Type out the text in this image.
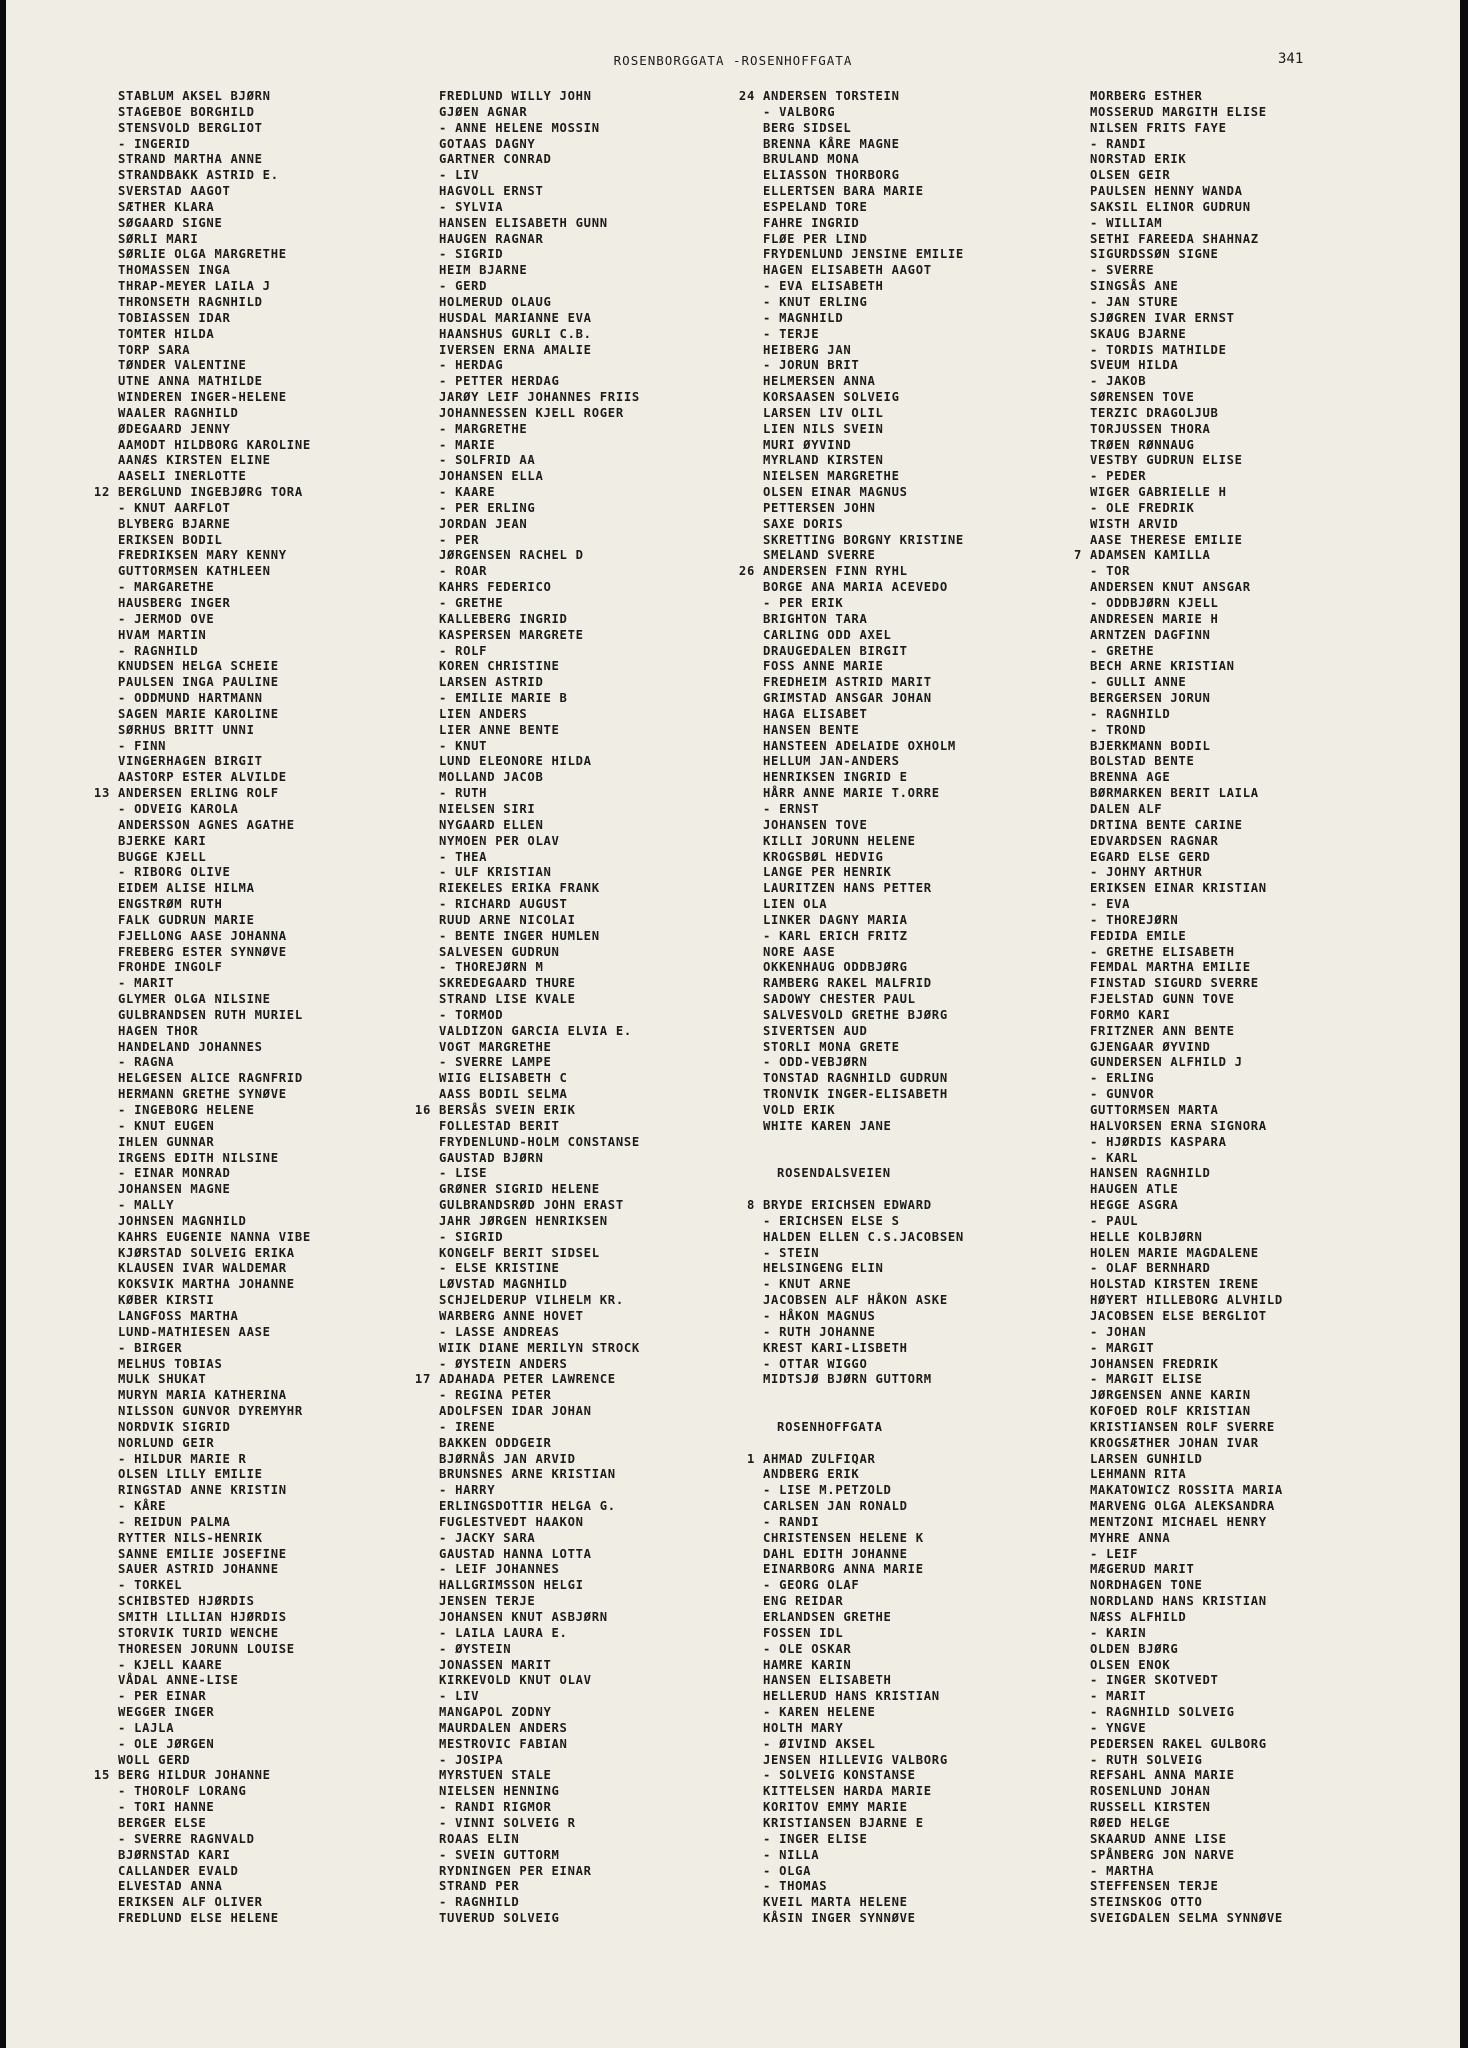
ROSENBORGGATA -ROSENHOFFGATA	341
STABLUM AKSEL BJØRN
STAGEBOE BORGHILD
STENSVOLD BERGLIOT
- INGERID
STRAND MARTHA ANNE
STRANDBAKK ASTRID E.
SVERSTAD AAGOT
SÆTHER KLARA
SØGAARD SIGNE
SØRLI MARI
SØRLIE OLGA MARGRETHE
THOMASSEN INGA
THRAP-MEYER LAILA J
THRONSETH RAGNHILD
TOBIASSEN IDAR
TOMTER HILDA
TORP SARA
TØNDER VALENTINE
UTNE ANNA MATHILDE
WINDEREN INGER-HELENE
WAALER RAGNHILD
ØDEGAARD JENNY
AAMODT HILDBORG KAROLINE
AANÆS KIRSTEN ELINE
AASELI INERLOTTE
12 BERGLUND INGEBJØRG TORA
- KNUT AARFLOT
BLYBERG BJARNE
ERIKSEN BODIL
FREDRIKSEN MARY KENNY
GUTTORMSEN KATHLEEN
- MARGARETHE
HAUSBERG INGER
- JERMOD OVE
HVAM MARTIN
- RAGNHILD
KNUDSEN HELGA SCHEIE
PAULSEN INGA PAULINE
- ODDMUND HARTMANN
SAGEN MARIE KAROLINE
SØRHUS BRITT UNNI
- FINN
VINGERHAGEN BIRGIT
AASTORP ESTER ALVILDE
13 ANDERSEN ERLING ROLF
- ODVEIG KAROLA
ANDERSSON AGNES AGATHE
BJERKE KARI
BUGGE KJELL
- RIBORG OLIVE
EIDEM ALISE HILMA
ENGSTRØM RUTH
FALK GUDRUN MARIE
FJELLONG AASE JOHANNA
FREBERG ESTER SYNNØVE
FROHDE INGOLF
- MARIT
GLYMER OLGA NILSINE
GULBRANDSEN RUTH MURIEL
HAGEN THOR
HANDELAND JOHANNES
- RAGNA
HELGESEN ALICE RAGNFRID
HERMANN GRETHE SYNØVE
- INGEBORG HELENE
- KNUT EUGEN
IHLEN GUNNAR
IRGENS EDITH NILSINE
- EINAR MONRAD
JOHANSEN MAGNE
- MALLY
JOHNSEN MAGNHILD
KAHRS EUGENIE NANNA VIBE
KJØRSTAD SOLVEIG ERIKA
KLAUSEN IVAR WALDEMAR
KOKSVIK MARTHA JOHANNE
KØBER KIRSTI
LANGFOSS MARTHA
LUND-MATHIESEN AASE
- BIRGER
MELHUS TOBIAS
MULK SHUKAT
MURYN MARIA KATHERINA
NILSSON GUNVOR DYREMYHR
NORDVIK SIGRID
NORLUND GEIR
- HILDUR MARIE R
OLSEN LILLY EMILIE
RINGSTAD ANNE KRISTIN
- KÅRE
- REIDUN PALMA
RYTTER NILS-HENRIK
SANNE EMILIE JOSEFINE
SAUER ASTRID JOHANNE
- TORKEL
SCHIBSTED HJØRDIS
SMITH LILLIAN HJØRDIS
STORVIK TURID WENCHE
THORESEN JORUNN LOUISE
- KJELL KAARE
VÅDAL ANNE-LISE
- PER EINAR
WEGGER INGER
- LAJLA
- OLE JØRGEN
WOLL GERD
15 BERG HILDUR JOHANNE
- THOROLF LORANG
- TORI HANNE
BERGER ELSE
- SVERRE RAGNVALD
BJØRNSTAD KARI
CALLANDER EVALD
ELVESTAD ANNA
ERIKSEN ALF OLIVER
FREDLUND ELSE HELENE
FREDLUND WILLY JOHN
GJØEN AGNAR
- ANNE HELENE MOSSIN
GOTAAS DAGNY
GARTNER CONRAD
- LIV
HAGVOLL ERNST
- SYLVIA
HANSEN ELISABETH GUNN
HAUGEN RAGNAR
- SIGRID
HEIM BJARNE
- GERD
HOLMERUD OLAUG
HUSDAL MARIANNE EVA
HAANSHUS GURLI C.B.
IVERSEN ERNA AMALIE
- HERDAG
- PETTER HERDAG
JARØY LEIF JOHANNES FRIIS
JOHANNESSEN KJELL ROGER
- MARGRETHE
- MARIE
- SOLFRID AA
JOHANSEN ELLA
- KAARE
- PER ERLING
JORDAN JEAN
- PER
JØRGENSEN RACHEL D
- ROAR
KAHRS FEDERICO
- GRETHE
KALLEBERG INGRID
KASPERSEN MARGRETE
- ROLF
KOREN CHRISTINE
LARSEN ASTRID
- EMILIE MARIE B
LIEN ANDERS
LIER ANNE BENTE
- KNUT
LUND ELEONORE HILDA
MOLLAND JACOB
- RUTH
NIELSEN SIRI
NYGAARD ELLEN
NYMOEN PER OLAV
- THEA
- ULF KRISTIAN
RIEKELES ERIKA FRANK
- RICHARD AUGUST
RUUD ARNE NICOLAI
- BENTE INGER HUMLEN
SALVESEN GUDRUN
- THOREJØRN M
SKREDEGAARD THURE
STRAND LISE KVALE
- TORMOD
VALDIZON GARCIA ELVIA E.
VOGT MARGRETHE
- SVERRE LAMPE
WIIG ELISABETH C
AASS BODIL SELMA
16 BERSÅS SVEIN ERIK
FOLLESTAD BERIT
FRYDENLUND-HOLM CONSTANSE
GAUSTAD BJØRN
- LISE
GRØNER SIGRID HELENE
GULBRANDSRØD JOHN ERAST
JAHR JØRGEN HENRIKSEN
- SIGRID
KONGELF BERIT SIDSEL
- ELSE KRISTINE
LØVSTAD MAGNHILD
SCHJELDERUP VILHELM KR.
WARBERG ANNE HOVET
- LASSE ANDREAS
WIIK DIANE MERILYN STROCK
- ØYSTEIN ANDERS
17 ADAHADA PETER LAWRENCE
- REGINA PETER
ADOLFSEN IDAR JOHAN
- IRENE
BAKKEN ODDGEIR
BJØRNÅS JAN ARVID
BRUNSNES ARNE KRISTIAN
- HARRY
ERLINGSDOTTIR HELGA G.
FUGLESTVEDT HAAKON
- JACKY SARA
GAUSTAD HANNA LOTTA
- LEIF JOHANNES
HALLGRIMSSON HELGI
JENSEN TERJE
JOHANSEN KNUT ASBJØRN
- LAILA LAURA E.
- ØYSTEIN
JONASSEN MARIT
KIRKEVOLD KNUT OLAV
- LIV
MANGAPOL ZODNY
MAURDALEN ANDERS
MESTROVIC FABIAN
- JOSIPA
MYRSTUEN STALE
NIELSEN HENNING
- RANDI RIGMOR
- VINNI SOLVEIG R
ROAAS ELIN
- SVEIN GUTTORM
RYDNINGEN PER EINAR
STRAND PER
- RAGNHILD
TUVERUD SOLVEIG
24 ANDERSEN TORSTEIN
- VALBORG
BERG SIDSEL
BRENNA KÅRE MAGNE
BRULAND MONA
ELIASSON THORBORG
ELLERTSEN BARA MARIE
ESPELAND TORE
FAHRE INGRID
FLØE PER LIND
FRYDENLUND JENSINE EMILIE
HAGEN ELISABETH AAGOT
- EVA ELISABETH
- KNUT ERLING
- MAGNHILD
- TERJE
HEIBERG JAN
- JORUN BRIT
HELMERSEN ANNA
KORSAASEN SOLVEIG
LARSEN LIV OLIL
LIEN NILS SVEIN
MURI ØYVIND
MYRLAND KIRSTEN
NIELSEN MARGRETHE
OLSEN EINAR MAGNUS
PETTERSEN JOHN
SAXE DORIS
SKRETTING BORGNY KRISTINE
SMELAND SVERRE
26 ANDERSEN FINN RYHL
BORGE ANA MARIA ACEVEDO
- PER ERIK
BRIGHTON TARA
CARLING ODD AXEL
DRAUGEDALEN BIRGIT
FOSS ANNE MARIE
FREDHEIM ASTRID MARIT
GRIMSTAD ANSGAR JOHAN
HAGA ELISABET
HANSEN BENTE
HANSTEEN ADELAIDE OXHOLM
HELLUM JAN-ANDERS
HENRIKSEN INGRID E
HÅRR ANNE MARIE T.ORRE
- ERNST
JOHANSEN TOVE
KILLI JORUNN HELENE
KROGSBØL HEDVIG
LANGE PER HENRIK
LAURITZEN HANS PETTER
LIEN OLA
LINKER DAGNY MARIA
- KARL ERICH FRITZ
NORE AASE
OKKENHAUG ODDBJØRG
RAMBERG RAKEL MALFRID
SADOWY CHESTER PAUL
SALVESVOLD GRETHE BJØRG
SIVERTSEN AUD
STORLI MONA GRETE
- ODD-VEBJØRN
TONSTAD RAGNHILD GUDRUN
TRONVIK INGER-ELISABETH
VOLD ERIK
WHITE KAREN JANE
ROSENDALSVEIEN
8 BRYDE ERICHSEN EDWARD
- ERICHSEN ELSE S
HALDEN ELLEN C.S.JACOBSEN
- STEIN
HELSINGENG ELIN
- KNUT ARNE
JACOBSEN ALF HÅKON ASKE
- HÅKON MAGNUS
- RUTH JOHANNE
KREST KARI-LISBETH
- OTTAR WIGGO
MIDTSJØ BJØRN GUTTORM
ROSENHOFFGATA
1 AHMAD ZULFIQAR
ANDBERG ERIK
- LISE M.PETZOLD
CARLSEN JAN RONALD
- RANDI
CHRISTENSEN HELENE K
DAHL EDITH JOHANNE
EINARBORG ANNA MARIE
- GEORG OLAF
ENG REIDAR
ERLANDSEN GRETHE
FOSSEN IDL
- OLE OSKAR
HAMRE KARIN
HANSEN ELISABETH
HELLERUD HANS KRISTIAN
- KAREN HELENE
HOLTH MARY
- ØIVIND AKSEL
JENSEN HILLEVIG VALBORG
- SOLVEIG KONSTANSE
KITTELSEN HARDA MARIE
KORITOV EMMY MARIE
KRISTIANSEN BJARNE E
- INGER ELISE
- NILLA
- OLGA
- THOMAS
KVEIL MARTA HELENE
KÅSIN INGER SYNNØVE
MORBERG ESTHER
MOSSERUD MARGITH ELISE
NILSEN FRITS FAYE
- RANDI
NORSTAD ERIK
OLSEN GEIR
PAULSEN HENNY WANDA
SAKSIL ELINOR GUDRUN
- WILLIAM
SETHI FAREEDA SHAHNAZ
SIGURDSSØN SIGNE
- SVERRE
SINGSÅS ANE
- JAN STURE
SJØGREN IVAR ERNST
SKAUG BJARNE
- TORDIS MATHILDE
SVEUM HILDA
- JAKOB
SØRENSEN TOVE
TERZIC DRAGOLJUB
TORJUSSEN THORA
TRØEN RØNNAUG
VESTBY GUDRUN ELISE
- PEDER
WIGER GABRIELLE H
- OLE FREDRIK
WISTH ARVID
AASE THERESE EMILIE
7 ADAMSEN KAMILLA
- TOR
ANDERSEN KNUT ANSGAR
- ODDBJØRN KJELL
ANDRESEN MARIE H
ARNTZEN DAGFINN
- GRETHE
BECH ARNE KRISTIAN
- GULLI ANNE
BERGERSEN JORUN
- RAGNHILD
- TROND
BJERKMANN BODIL
BOLSTAD BENTE
BRENNA AGE
BØRMARKEN BERIT LAILA
DALEN ALF
DRTINA BENTE CARINE
EDVARDSEN RAGNAR
EGARD ELSE GERD
- JOHNY ARTHUR
ERIKSEN EINAR KRISTIAN
- EVA
- THOREJØRN
FEDIDA EMILE
- GRETHE ELISABETH
FEMDAL MARTHA EMILIE
FINSTAD SIGURD SVERRE
FJELSTAD GUNN TOVE
FORMO KARI
FRITZNER ANN BENTE
GJENGAAR ØYVIND
GUNDERSEN ALFHILD J
- ERLING
- GUNVOR
GUTTORMSEN MARTA
HALVORSEN ERNA SIGNORA
- HJØRDIS KASPARA
- KARL
HANSEN RAGNHILD
HAUGEN ATLE
HEGGE ASGRA
- PAUL
HELLE KOLBJØRN
HOLEN MARIE MAGDALENE
- OLAF BERNHARD
HOLSTAD KIRSTEN IRENE
HØYERT HILLEBORG ALVHILD
JACOBSEN ELSE BERGLIOT
- JOHAN
- MARGIT
JOHANSEN FREDRIK
- MARGIT ELISE
JØRGENSEN ANNE KARIN
KOFOED ROLF KRISTIAN
KRISTIANSEN ROLF SVERRE
KROGSÆTHER JOHAN IVAR
LARSEN GUNHILD
LEHMANN RITA
MAKATOWICZ ROSSITA MARIA
MARVENG OLGA ALEKSANDRA
MENTZONI MICHAEL HENRY
MYHRE ANNA
- LEIF
MÆGERUD MARIT
NORDHAGEN TONE
NORDLAND HANS KRISTIAN
NÆSS ALFHILD
- KARIN
OLDEN BJØRG
OLSEN ENOK
- INGER SKOTVEDT
- MARIT
- RAGNHILD SOLVEIG
- YNGVE
PEDERSEN RAKEL GULBORG
- RUTH SOLVEIG
REFSAHL ANNA MARIE
ROSENLUND JOHAN
RUSSELL KIRSTEN
RØED HELGE
SKAARUD ANNE LISE
SPÅNBERG JON NARVE
- MARTHA
STEFFENSEN TERJE
STEINSKOG OTTO
SVEIGDALEN SELMA SYNNØVE
